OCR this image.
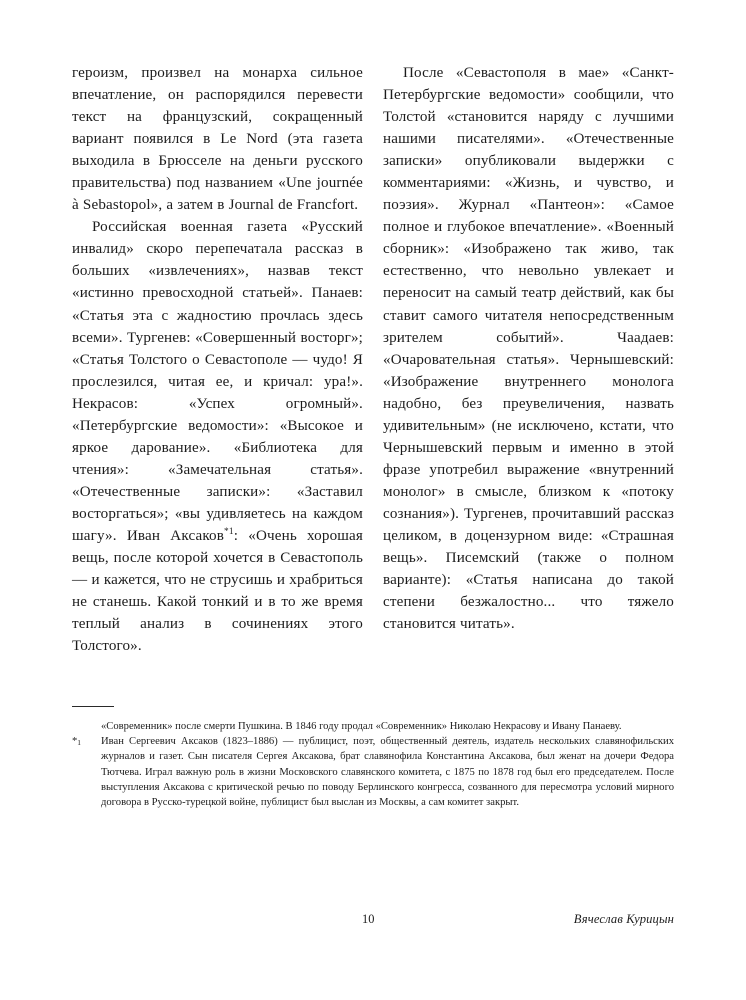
героизм, произвел на монарха сильное впечатление, он распорядился перевести текст на французский, сокращенный вариант появился в Le Nord (эта газета выходила в Брюсселе на деньги русского правительства) под названием «Une journée à Sebastopol», а затем в Journal de Francfort.

Российская военная газета «Русский инвалид» скоро перепечатала рассказ в больших «извлечениях», назвав текст «истинно превосходной статьей». Панаев: «Статья эта с жадностию прочлась здесь всеми». Тургенев: «Совершенный восторг»; «Статья Толстого о Севастополе — чудо! Я прослезился, читая ее, и кричал: ура!». Некрасов: «Успех огромный». «Петербургские ведомости»: «Высокое и яркое дарование». «Библиотека для чтения»: «Замечательная статья». «Отечественные записки»: «Заставил восторгаться»; «вы удивляетесь на каждом шагу». Иван Аксаков$^{*1}$: «Очень хорошая вещь, после которой хочется в Севастополь — и кажется, что не струсишь и храбриться не станешь. Какой тонкий и в то же время теплый анализ в сочинениях этого Толстого».

После «Севастополя в мае» «Санкт-Петербургские ведомости» сообщили, что Толстой «становится наряду с лучшими нашими писателями». «Отечественные записки» опубликовали выдержки с комментариями: «Жизнь, и чувство, и поэзия». Журнал «Пантеон»: «Самое полное и глубокое впечатление». «Военный сборник»: «Изображено так живо, так естественно, что невольно увлекает и переносит на самый театр действий, как бы ставит самого читателя непосредственным зрителем событий». Чаадаев: «Очаровательная статья». Чернышевский: «Изображение внутреннего монолога надобно, без преувеличения, назвать удивительным» (не исключено, кстати, что Чернышевский первым и именно в этой фразе употребил выражение «внутренний монолог» в смысле, близком к «потоку сознания»). Тургенев, прочитавший рассказ целиком, в доцензурном виде: «Страшная вещь». Писемский (также о полном варианте): «Статья написана до такой степени безжалостно... что тяжело становится читать».

«Современник» после смерти Пушкина. В 1846 году продал «Современник» Николаю Некрасову и Ивану Панаеву.
*$^1$	Иван Сергеевич Аксаков (1823–1886) — публицист, поэт, общественный деятель, издатель нескольких славянофильских журналов и газет. Сын писателя Сергея Аксакова, брат славянофила Константина Аксакова, был женат на дочери Федора Тютчева. Играл важную роль в жизни Московского славянского комитета, с 1875 по 1878 год был его председателем. После выступления Аксакова с критической речью по поводу Берлинского конгресса, созванного для пересмотра условий мирного договора в Русско-турецкой войне, публицист был выслан из Москвы, а сам комитет закрыт.
10	Вячеслав Курицын
